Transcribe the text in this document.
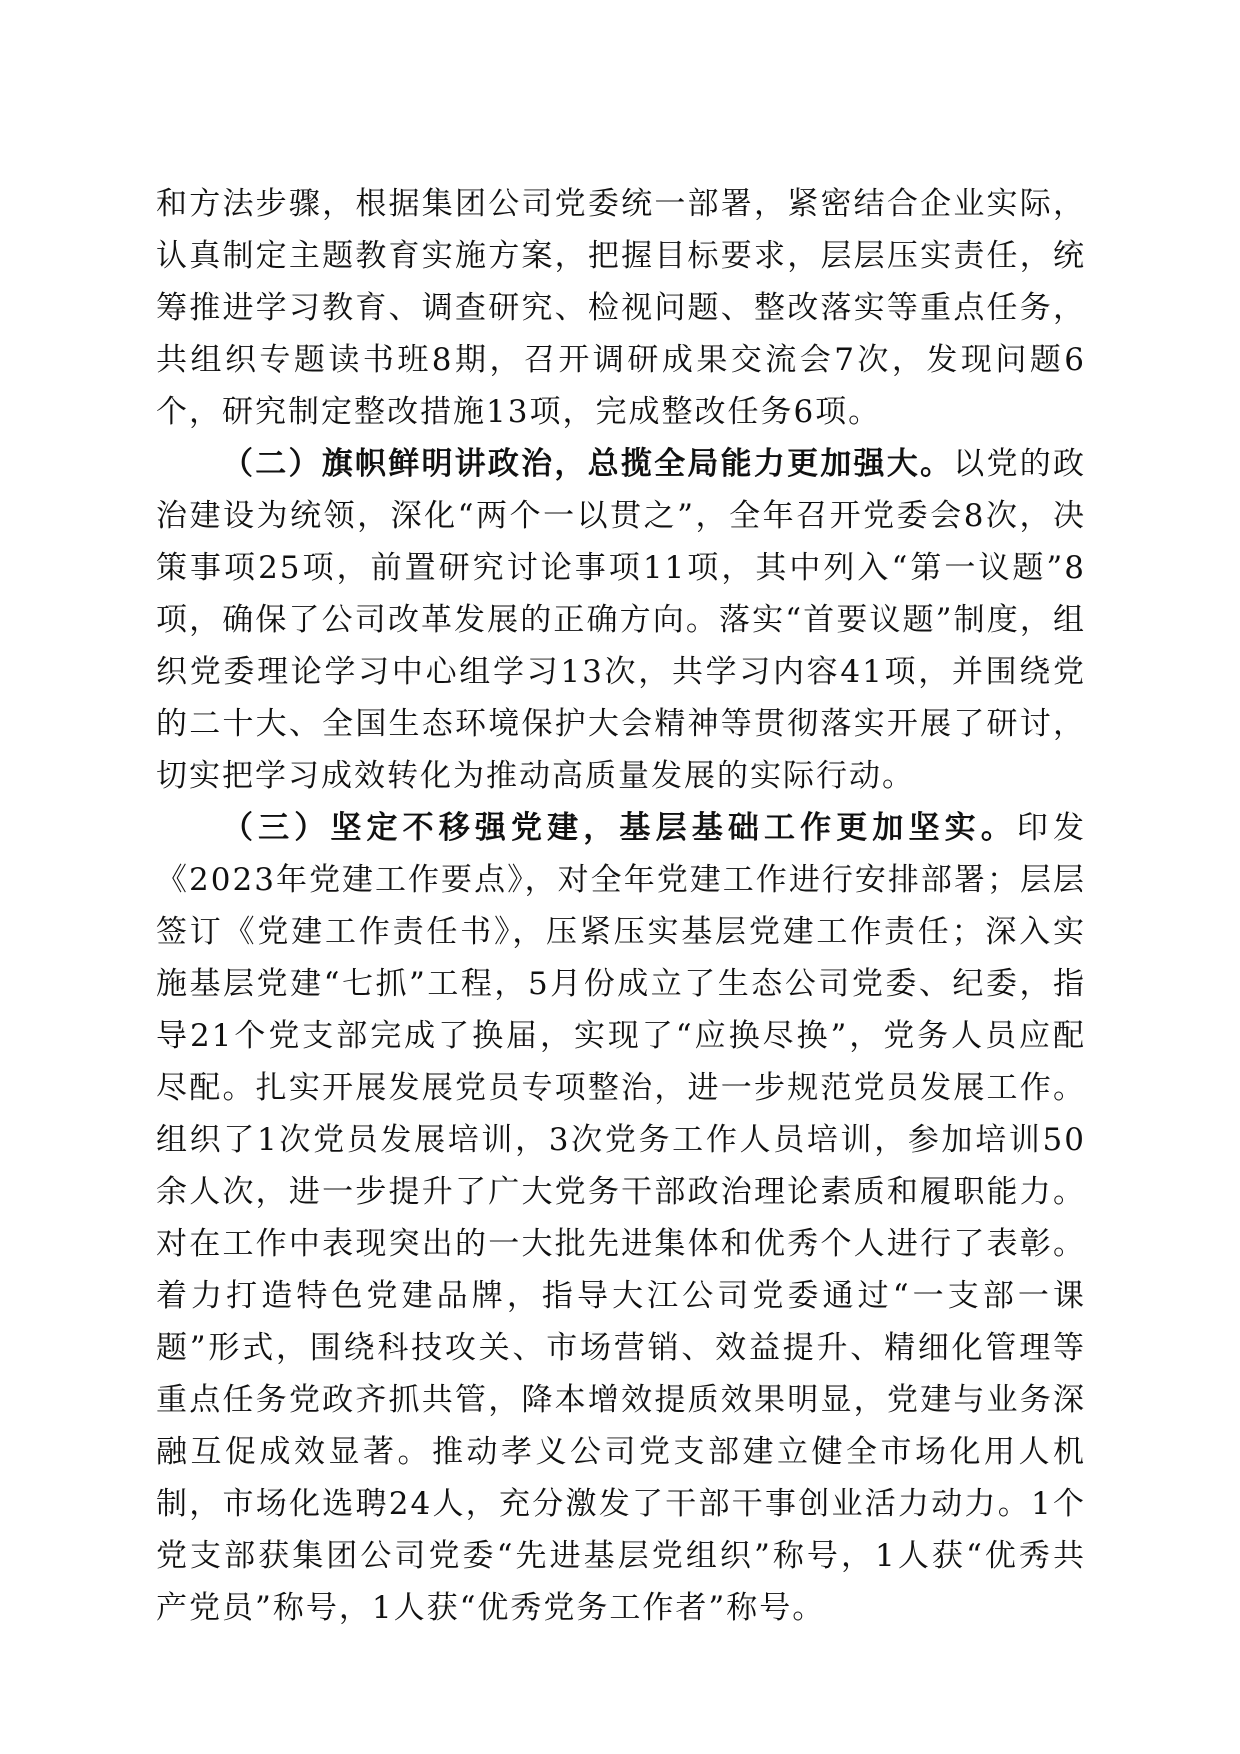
和方法步骤，根据集团公司党委统一部署，紧密结合企业实际，认真制定主题教育实施方案，把握目标要求，层层压实责任，统筹推进学习教育、调查研究、检视问题、整改落实等重点任务，共组织专题读书班8期，召开调研成果交流会7次，发现问题6个，研究制定整改措施13项，完成整改任务6项。

（二）旗帜鲜明讲政治，总揽全局能力更加强大。以党的政治建设为统领，深化“两个一以贯之”，全年召开党委会8次，决策事项25项，前置研究讨论事项11项，其中列入“第一议题”8项，确保了公司改革发展的正确方向。落实“首要议题”制度，组织党委理论学习中心组学习13次，共学习内容41项，并围绕党的二十大、全国生态环境保护大会精神等贯彻落实开展了研讨，切实把学习成效转化为推动高质量发展的实际行动。

（三）坚定不移强党建，基层基础工作更加坚实。印发《2023年党建工作要点》，对全年党建工作进行安排部署；层层签订《党建工作责任书》，压紧压实基层党建工作责任；深入实施基层党建“七抓”工程，5月份成立了生态公司党委、纪委，指导21个党支部完成了换届，实现了“应换尽换”，党务人员应配尽配。扎实开展发展党员专项整治，进一步规范党员发展工作。组织了1次党员发展培训，3次党务工作人员培训，参加培训50余人次，进一步提升了广大党务干部政治理论素质和履职能力。对在工作中表现突出的一大批先进集体和优秀个人进行了表彰。着力打造特色党建品牌，指导大江公司党委通过“一支部一课题”形式，围绕科技攻关、市场营销、效益提升、精细化管理等重点任务党政齐抓共管，降本增效提质效果明显，党建与业务深融互促成效显著。推动孝义公司党支部建立健全市场化用人机制，市场化选聘24人，充分激发了干部干事创业活力动力。1个党支部获集团公司党委“先进基层党组织”称号，1人获“优秀共产党员”称号，1人获“优秀党务工作者”称号。
